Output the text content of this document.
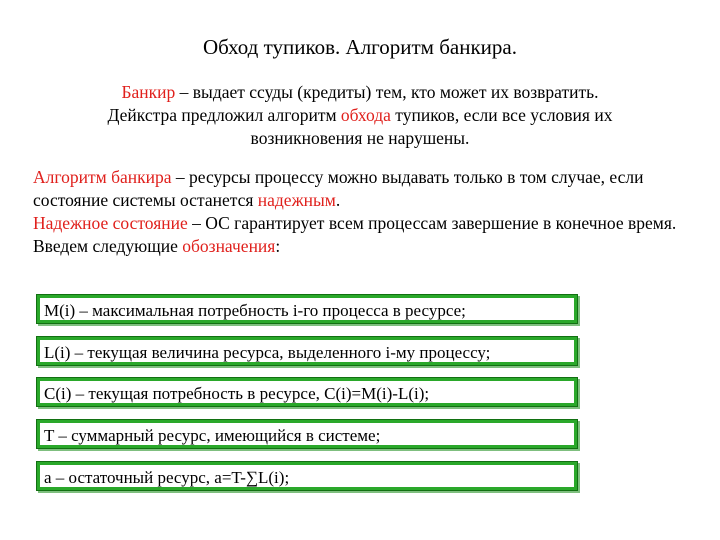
Обход тупиков. Алгоритм банкира.
Банкир – выдает ссуды (кредиты) тем, кто может их возвратить.
Дейкстра предложил алгоритм обхода тупиков, если все условия их возникновения не нарушены.
Алгоритм банкира – ресурсы процессу можно выдавать только в том случае, если состояние системы останется надежным.
Надежное состояние – ОС гарантирует всем процессам завершение в конечное время.
Введем следующие обозначения:
M(i) – максимальная потребность i-го процесса в ресурсе;
L(i) – текущая величина ресурса, выделенного i-му процессу;
C(i) – текущая потребность в ресурсе, C(i)=M(i)-L(i);
T – суммарный ресурс, имеющийся в системе;
a – остаточный ресурс, a=T-∑L(i);
